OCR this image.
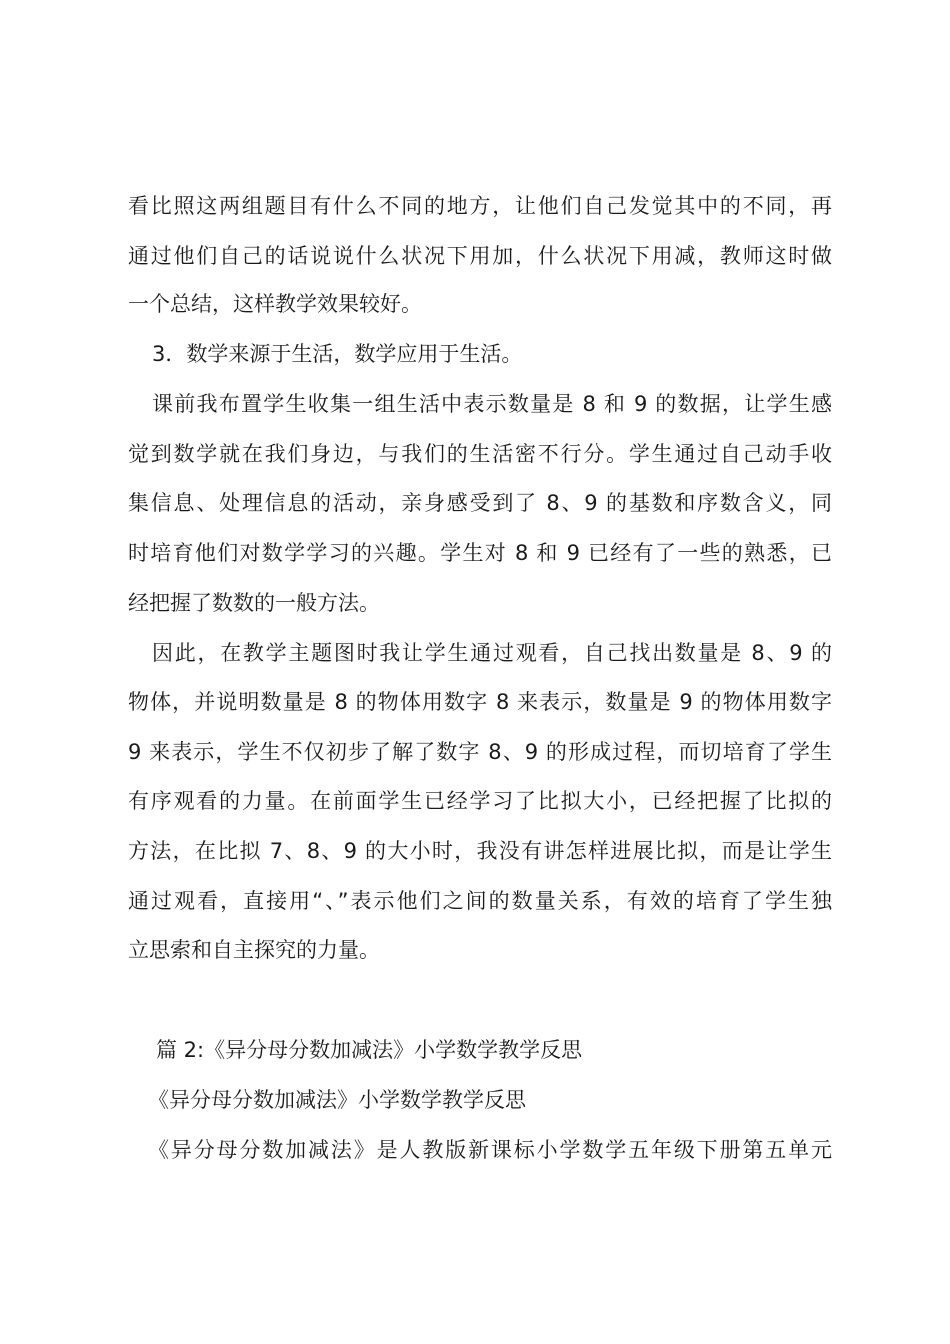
看比照这两组题目有什么不同的地方，让他们自己发觉其中的不同，再
通过他们自己的话说说什么状况下用加，什么状况下用减，教师这时做
一个总结，这样教学效果较好。
3．数学来源于生活，数学应用于生活。
课前我布置学生收集一组生活中表示数量是 8 和 9 的数据，让学生感
觉到数学就在我们身边，与我们的生活密不行分。学生通过自己动手收
集信息、处理信息的活动，亲身感受到了 8、9 的基数和序数含义，同
时培育他们对数学学习的兴趣。学生对 8 和 9 已经有了一些的熟悉，已
经把握了数数的一般方法。
因此，在教学主题图时我让学生通过观看，自己找出数量是 8、9 的
物体，并说明数量是 8 的物体用数字 8 来表示，数量是 9 的物体用数字
9 来表示，学生不仅初步了解了数字 8、9 的形成过程，而切培育了学生
有序观看的力量。在前面学生已经学习了比拟大小，已经把握了比拟的
方法，在比拟 7、8、9 的大小时，我没有讲怎样进展比拟，而是让学生
通过观看，直接用“、”表示他们之间的数量关系，有效的培育了学生独
立思索和自主探究的力量。
篇 2:《异分母分数加减法》小学数学教学反思
《异分母分数加减法》小学数学教学反思
《异分母分数加减法》是人教版新课标小学数学五年级下册第五单元
